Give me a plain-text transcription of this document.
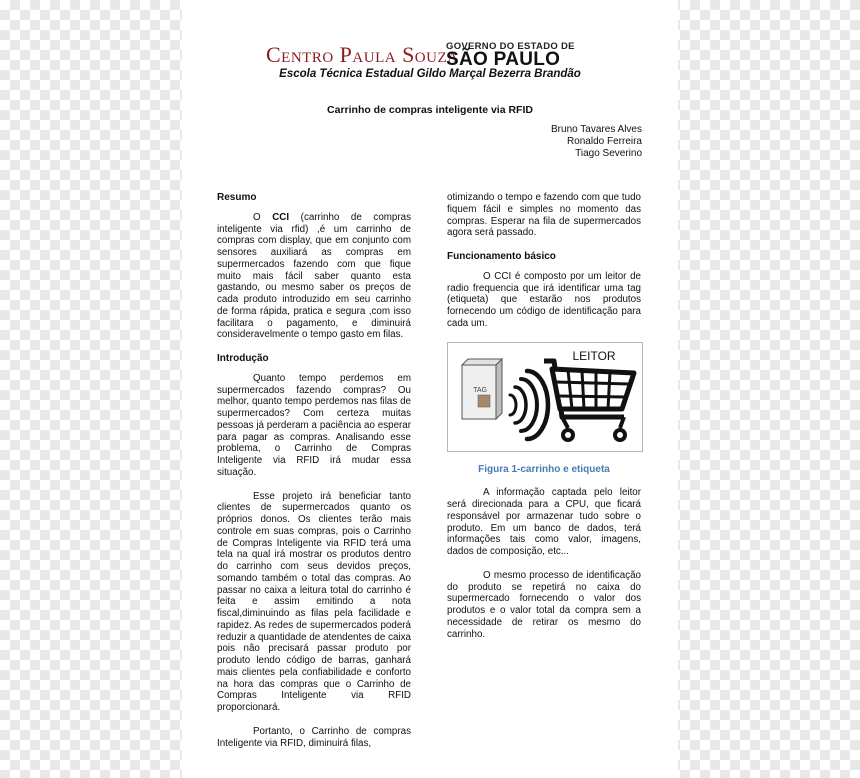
Centro Paula Souza
GOVERNO DO ESTADO DE
SÃO PAULO
Escola Técnica Estadual Gildo Marçal Bezerra Brandão
Carrinho de compras inteligente via RFID
Bruno Tavares Alves
Ronaldo Ferreira
Tiago Severino
Resumo

O CCI (carrinho de compras inteligente via rfid) ,é um carrinho de compras com display, que em conjunto com sensores auxiliará as compras em supermercados fazendo com que fique muito mais fácil saber quanto esta gastando, ou mesmo saber os preços de cada produto introduzido em seu carrinho de forma rápida, pratica e segura ,com isso facilitara o pagamento, e diminuirá consideravelmente o tempo gasto em filas.

Introdução

Quanto tempo perdemos em supermercados fazendo compras? Ou melhor, quanto tempo perdemos nas filas de supermercados? Com certeza muitas pessoas já perderam a paciência ao esperar para pagar as compras. Analisando esse problema, o Carrinho de Compras Inteligente via RFID irá mudar essa situação.

Esse projeto irá beneficiar tanto clientes de supermercados quanto os próprios donos. Os clientes terão mais controle em suas compras, pois o Carrinho de Compras Inteligente via RFID terá uma tela na qual irá mostrar os produtos dentro do carrinho com seus devidos preços, somando também o total das compras. Ao passar no caixa a leitura total do carrinho é feita e assim emitindo a nota fiscal,diminuindo as filas pela facilidade e rapidez. As redes de supermercados poderá reduzir a quantidade de atendentes de caixa pois não precisará passar produto por produto lendo código de barras, ganhará mais clientes pela confiabilidade e conforto na hora das compras que o Carrinho de Compras Inteligente via RFID proporcionará.

Portanto, o Carrinho de compras Inteligente via RFID, diminuirá filas,

otimizando o tempo e fazendo com que tudo fiquem fácil e simples no momento das compras. Esperar na fila de supermercados agora será passado.

Funcionamento básico

O CCI é composto por um leitor de radio frequencia que irá identificar uma tag (etiqueta) que estarão nos produtos fornecendo um código de identificação para cada um.

TAG
LEITOR
Figura 1-carrinho e etiqueta

A informação captada pelo leitor será direcionada para a CPU, que ficará responsável por armazenar tudo sobre o produto. Em um banco de dados, terá informações tais como valor, imagens, dados de composição, etc...

O mesmo processo de identificação do produto se repetirá no caixa do supermercado fornecendo o valor dos produtos e o valor total da compra sem a necessidade de retirar os mesmo do carrinho.
